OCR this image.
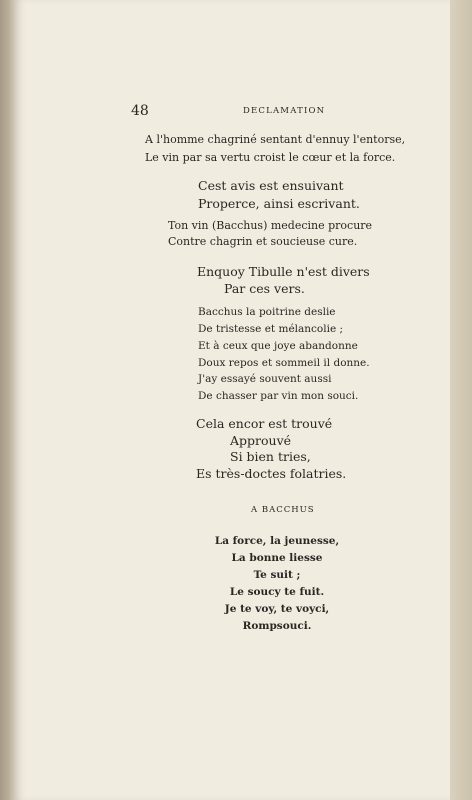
48	DECLAMATION
A l'homme chagriné sentant d'ennuy l'entorse,
Le vin par sa vertu croist le cœur et la force.
Cest avis est ensuivant
Properce, ainsi escrivant.
Ton vin (Bacchus) medecine procure
Contre chagrin et soucieuse cure.
Enquoy Tibulle n'est divers
Par ces vers.
Bacchus la poitrine deslie
De tristesse et mélancolie ;
Et à ceux que joye abandonne
Doux repos et sommeil il donne.
J'ay essayé souvent aussi
De chasser par vin mon souci.
Cela encor est trouvé
Approuvé
Si bien tries,
Es très-doctes folatries.
A BACCHUS
La force, la jeunesse,
La bonne liesse
Te suit ;
Le soucy te fuit.
Je te voy, te voyci,
Rompsouci.
